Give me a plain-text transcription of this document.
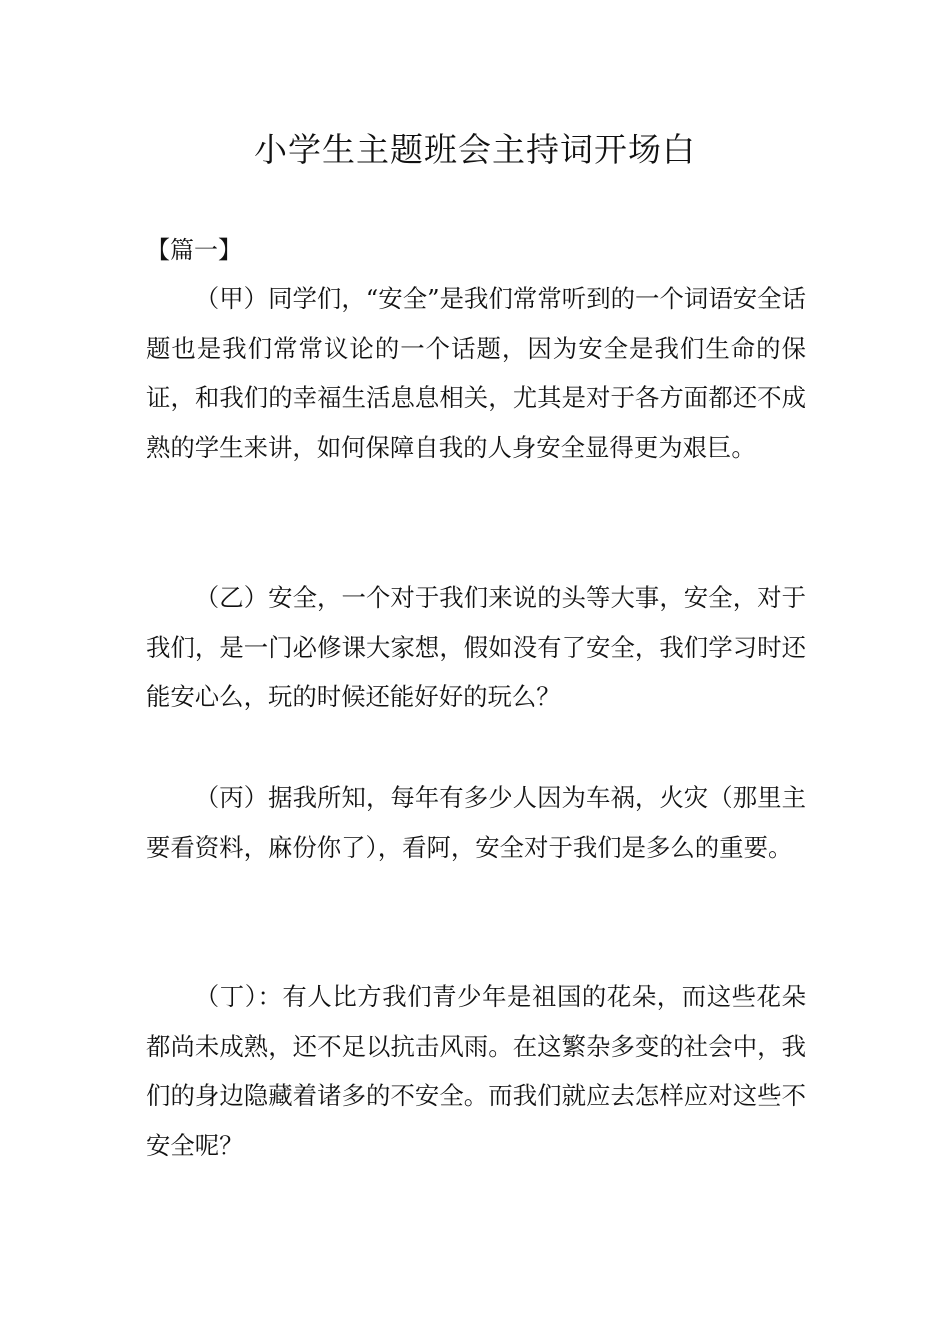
小学生主题班会主持词开场白

【篇一】

（甲）同学们，“安全”是我们常常听到的一个词语安全话题也是我们常常议论的一个话题，因为安全是我们生命的保证，和我们的幸福生活息息相关，尤其是对于各方面都还不成熟的学生来讲，如何保障自我的人身安全显得更为艰巨。

（乙）安全，一个对于我们来说的头等大事，安全，对于我们，是一门必修课大家想，假如没有了安全，我们学习时还能安心么，玩的时候还能好好的玩么？

（丙）据我所知，每年有多少人因为车祸，火灾（那里主要看资料，麻份你了），看阿，安全对于我们是多么的重要。

（丁）：有人比方我们青少年是祖国的花朵，而这些花朵都尚未成熟，还不足以抗击风雨。在这繁杂多变的社会中，我们的身边隐藏着诸多的不安全。而我们就应去怎样应对这些不安全呢？
